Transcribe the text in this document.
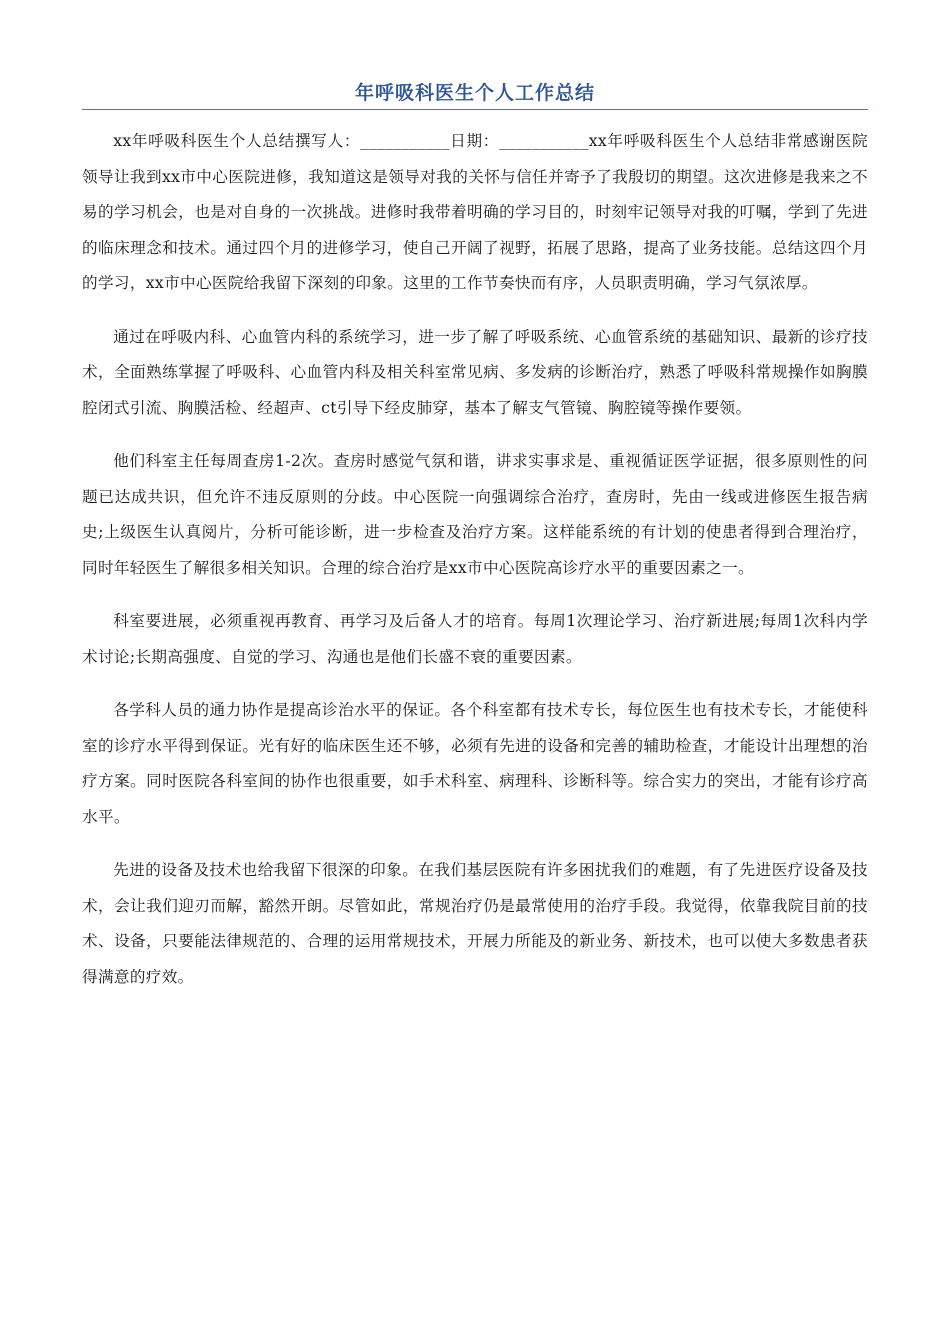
年呼吸科医生个人工作总结

xx年呼吸科医生个人总结撰写人：___________日期：___________xx年呼吸科医生个人总结非常感谢医院领导让我到xx市中心医院进修，我知道这是领导对我的关怀与信任并寄予了我殷切的期望。这次进修是我来之不易的学习机会，也是对自身的一次挑战。进修时我带着明确的学习目的，时刻牢记领导对我的叮嘱，学到了先进的临床理念和技术。通过四个月的进修学习，使自己开阔了视野，拓展了思路，提高了业务技能。总结这四个月的学习，xx市中心医院给我留下深刻的印象。这里的工作节奏快而有序，人员职责明确，学习气氛浓厚。

通过在呼吸内科、心血管内科的系统学习，进一步了解了呼吸系统、心血管系统的基础知识、最新的诊疗技术，全面熟练掌握了呼吸科、心血管内科及相关科室常见病、多发病的诊断治疗，熟悉了呼吸科常规操作如胸膜腔闭式引流、胸膜活检、经超声、ct引导下经皮肺穿，基本了解支气管镜、胸腔镜等操作要领。

他们科室主任每周查房1-2次。查房时感觉气氛和谐，讲求实事求是、重视循证医学证据，很多原则性的问题已达成共识，但允许不违反原则的分歧。中心医院一向强调综合治疗，查房时，先由一线或进修医生报告病史;上级医生认真阅片，分析可能诊断，进一步检查及治疗方案。这样能系统的有计划的使患者得到合理治疗，同时年轻医生了解很多相关知识。合理的综合治疗是xx市中心医院高诊疗水平的重要因素之一。

科室要进展，必须重视再教育、再学习及后备人才的培育。每周1次理论学习、治疗新进展;每周1次科内学术讨论;长期高强度、自觉的学习、沟通也是他们长盛不衰的重要因素。

各学科人员的通力协作是提高诊治水平的保证。各个科室都有技术专长，每位医生也有技术专长，才能使科室的诊疗水平得到保证。光有好的临床医生还不够，必须有先进的设备和完善的辅助检查，才能设计出理想的治疗方案。同时医院各科室间的协作也很重要，如手术科室、病理科、诊断科等。综合实力的突出，才能有诊疗高水平。

先进的设备及技术也给我留下很深的印象。在我们基层医院有许多困扰我们的难题，有了先进医疗设备及技术，会让我们迎刃而解，豁然开朗。尽管如此，常规治疗仍是最常使用的治疗手段。我觉得，依靠我院目前的技术、设备，只要能法律规范的、合理的运用常规技术，开展力所能及的新业务、新技术，也可以使大多数患者获得满意的疗效。
